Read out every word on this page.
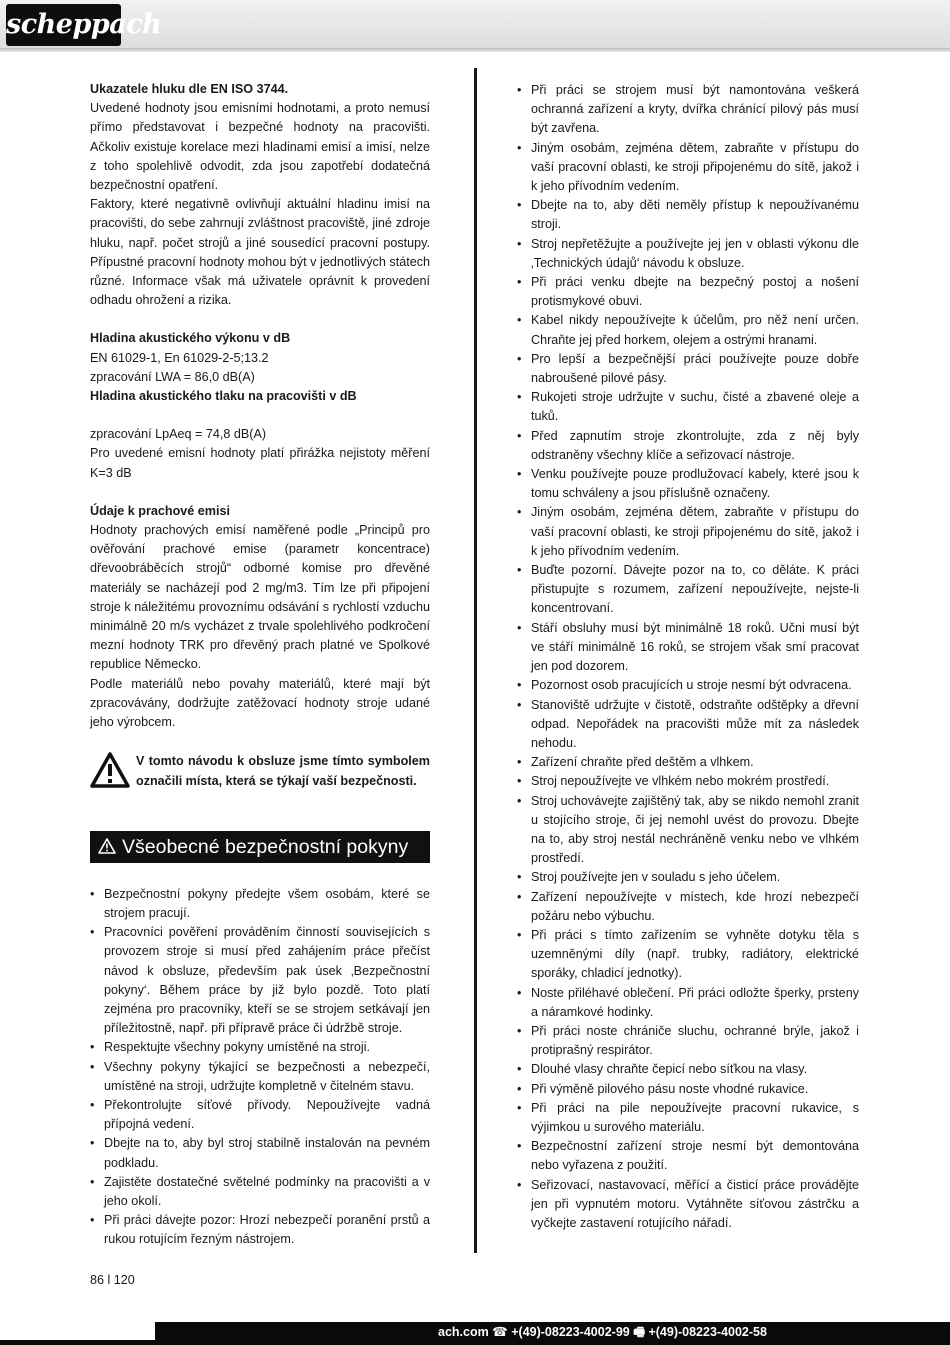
scheppach

Ukazatele hluku dle EN ISO 3744.

Uvedené hodnoty jsou emisními hodnotami, a proto nemusí přímo představovat i bezpečné hodnoty na pracovišti. Ačkoliv existuje korelace mezi hladinami emisí a imisí, nelze z toho spolehlivě odvodit, zda jsou zapotřebí dodatečná bezpečnostní opatření.

Faktory, které negativně ovlivňují aktuální hladinu imisí na pracovišti, do sebe zahrnují zvláštnost pracoviště, jiné zdroje hluku, např. počet strojů a jiné sousedící pracovní postupy. Přípustné pracovní hodnoty mohou být v jednotlivých státech různé. Informace však má uživatele oprávnit k provedení odhadu ohrožení a rizika.

Hladina akustického výkonu v dB

EN 61029-1, En 61029-2-5;13.2

zpracování LWA = 86,0 dB(A)

Hladina akustického tlaku na pracovišti v dB

zpracování LpAeq = 74,8 dB(A)

Pro uvedené emisní hodnoty platí přirážka nejistoty měření K=3 dB

Údaje k prachové emisi

Hodnoty prachových emisí naměřené podle „Principů pro ověřování prachové emise (parametr koncentrace) dřevoobráběcích strojů“ odborné komise pro dřevěné materiály se nacházejí pod 2 mg/m3. Tím lze při připojení stroje k náležitému provoznímu odsávání s rychlostí vzduchu minimálně 20 m/s vycházet z trvale spolehlivého podkročení mezní hodnoty TRK pro dřevěný prach platné ve Spolkové republice Německo.

Podle materiálů nebo povahy materiálů, které mají být zpracovávány, dodržujte zatěžovací hodnoty stroje udané jeho výrobcem.

V tomto návodu k obsluze jsme tímto symbolem označili místa, která se týkají vaší bezpečnosti.
Všeobecné bezpečnostní pokyny
• Bezpečnostní pokyny předejte všem osobám, které se strojem pracují.
• Pracovníci pověření prováděním činností souvisejících s provozem stroje si musí před zahájením práce přečíst návod k obsluze, především pak úsek ‚Bezpečnostní pokyny‘. Během práce by již bylo pozdě. Toto platí zejména pro pracovníky, kteří se se strojem setkávají jen příležitostně, např. při přípravě práce či údržbě stroje.
• Respektujte všechny pokyny umístěné na stroji.
• Všechny pokyny týkající se bezpečnosti a nebezpečí, umístěné na stroji, udržujte kompletně v čitelném stavu.
• Překontrolujte síťové přívody. Nepoužívejte vadná přípojná vedení.
• Dbejte na to, aby byl stroj stabilně instalován na pevném podkladu.
• Zajistěte dostatečné světelné podmínky na pracovišti a v jeho okolí.
• Při práci dávejte pozor: Hrozí nebezpečí poranění prstů a rukou rotujícím řezným nástrojem.
• Při práci se strojem musí být namontována veškerá ochranná zařízení a kryty, dvířka chránící pilový pás musí být zavřena.
• Jiným osobám, zejména dětem, zabraňte v přístupu do vaší pracovní oblasti, ke stroji připojenému do sítě, jakož i k jeho přívodním vedením.
• Dbejte na to, aby děti neměly přístup k nepoužívanému stroji.
• Stroj nepřetěžujte a používejte jej jen v oblasti výkonu dle ‚Technických údajů‘ návodu k obsluze.
• Při práci venku dbejte na bezpečný postoj a nošení protismykové obuvi.
• Kabel nikdy nepoužívejte k účelům, pro něž není určen. Chraňte jej před horkem, olejem a ostrými hranami.
• Pro lepší a bezpečnější práci používejte pouze dobře nabroušené pilové pásy.
• Rukojeti stroje udržujte v suchu, čisté a zbavené oleje a tuků.
• Před zapnutím stroje zkontrolujte, zda z něj byly odstraněny všechny klíče a seřizovací nástroje.
• Venku používejte pouze prodlužovací kabely, které jsou k tomu schváleny a jsou příslušně označeny.
• Jiným osobám, zejména dětem, zabraňte v přístupu do vaší pracovní oblasti, ke stroji připojenému do sítě, jakož i k jeho přívodním vedením.
• Buďte pozorní. Dávejte pozor na to, co děláte. K práci přistupujte s rozumem, zařízení nepoužívejte, nejste-li koncentrovaní.
• Stáří obsluhy musí být minimálně 18 roků. Učni musí být ve stáří minimálně 16 roků, se strojem však smí pracovat jen pod dozorem.
• Pozornost osob pracujících u stroje nesmí být odvracena.
• Stanoviště udržujte v čistotě, odstraňte odštěpky a dřevní odpad. Nepořádek na pracovišti může mít za následek nehodu.
• Zařízení chraňte před deštěm a vlhkem.
• Stroj nepoužívejte ve vlhkém nebo mokrém prostředí.
• Stroj uchovávejte zajištěný tak, aby se nikdo nemohl zranit u stojícího stroje, či jej nemohl uvést do provozu. Dbejte na to, aby stroj nestál nechráněně venku nebo ve vlhkém prostředí.
• Stroj používejte jen v souladu s jeho účelem.
• Zařízení nepoužívejte v místech, kde hrozí nebezpečí požáru nebo výbuchu.
• Při práci s tímto zařízením se vyhněte dotyku těla s uzemněnými díly (např. trubky, radiátory, elektrické sporáky, chladicí jednotky).
• Noste přiléhavé oblečení. Při práci odložte šperky, prsteny a náramkové hodinky.
• Při práci noste chrániče sluchu, ochranné brýle, jakož i protiprašný respirátor.
• Dlouhé vlasy chraňte čepicí nebo síťkou na vlasy.
• Při výměně pilového pásu noste vhodné rukavice.
• Při práci na pile nepoužívejte pracovní rukavice, s výjimkou u surového materiálu.
• Bezpečnostní zařízení stroje nesmí být demontována nebo vyřazena z použití.
• Seřizovací, nastavovací, měřící a čisticí práce provádějte jen při vypnutém motoru. Vytáhněte síťovou zástrčku a vyčkejte zastavení rotujícího nářadí.
86 l 120
ach.com ☎ +(49)-08223-4002-99 🖷 +(49)-08223-4002-58
